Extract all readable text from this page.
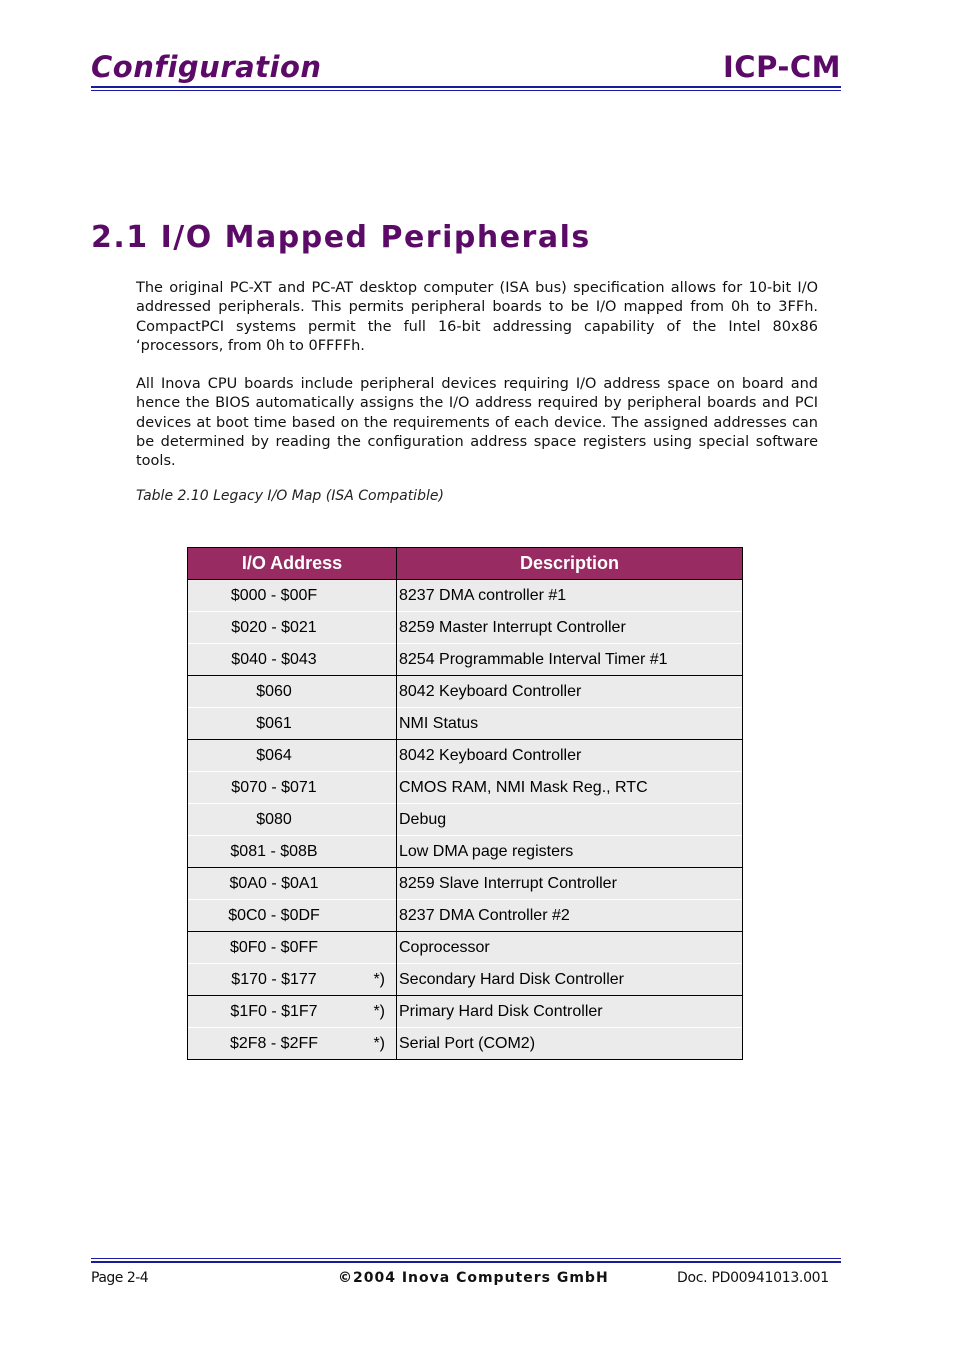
Configuration	ICP-CM
2.1 I/O Mapped Peripherals

The original PC-XT and PC-AT desktop computer (ISA bus) specification allows for 10-bit I/O addressed peripherals. This permits peripheral boards to be I/O mapped from 0h to 3FFh. CompactPCI systems permit the full 16-bit addressing capability of the Intel 80x86 ‘processors, from 0h to 0FFFFh.

All Inova CPU boards include peripheral devices requiring I/O address space on board and hence the BIOS automatically assigns the I/O address required by peripheral boards and PCI devices at boot time based on the requirements of each device. The assigned addresses can be determined by reading the configuration address space registers using special software tools.

Table 2.10 Legacy I/O Map (ISA Compatible)
I/O Address	Description

$000 - $00F	8237 DMA controller #1

$020 - $021	8259 Master Interrupt Controller

$040 - $043	8254 Programmable Interval Timer #1

$060	8042 Keyboard Controller

$061	NMI Status

$064	8042 Keyboard Controller

$070 - $071	CMOS RAM, NMI Mask Reg., RTC

$080	Debug

$081 - $08B	Low DMA page registers

$0A0 - $0A1	8259 Slave Interrupt Controller

$0C0 - $0DF	8237 DMA Controller #2

$0F0 - $0FF	Coprocessor

$170 - $177 *)	Secondary Hard Disk Controller

$1F0 - $1F7 *)	Primary Hard Disk Controller

$2F8 - $2FF *)	Serial Port (COM2)
Page 2-4	©2004 Inova Computers GmbH	Doc. PD00941013.001
